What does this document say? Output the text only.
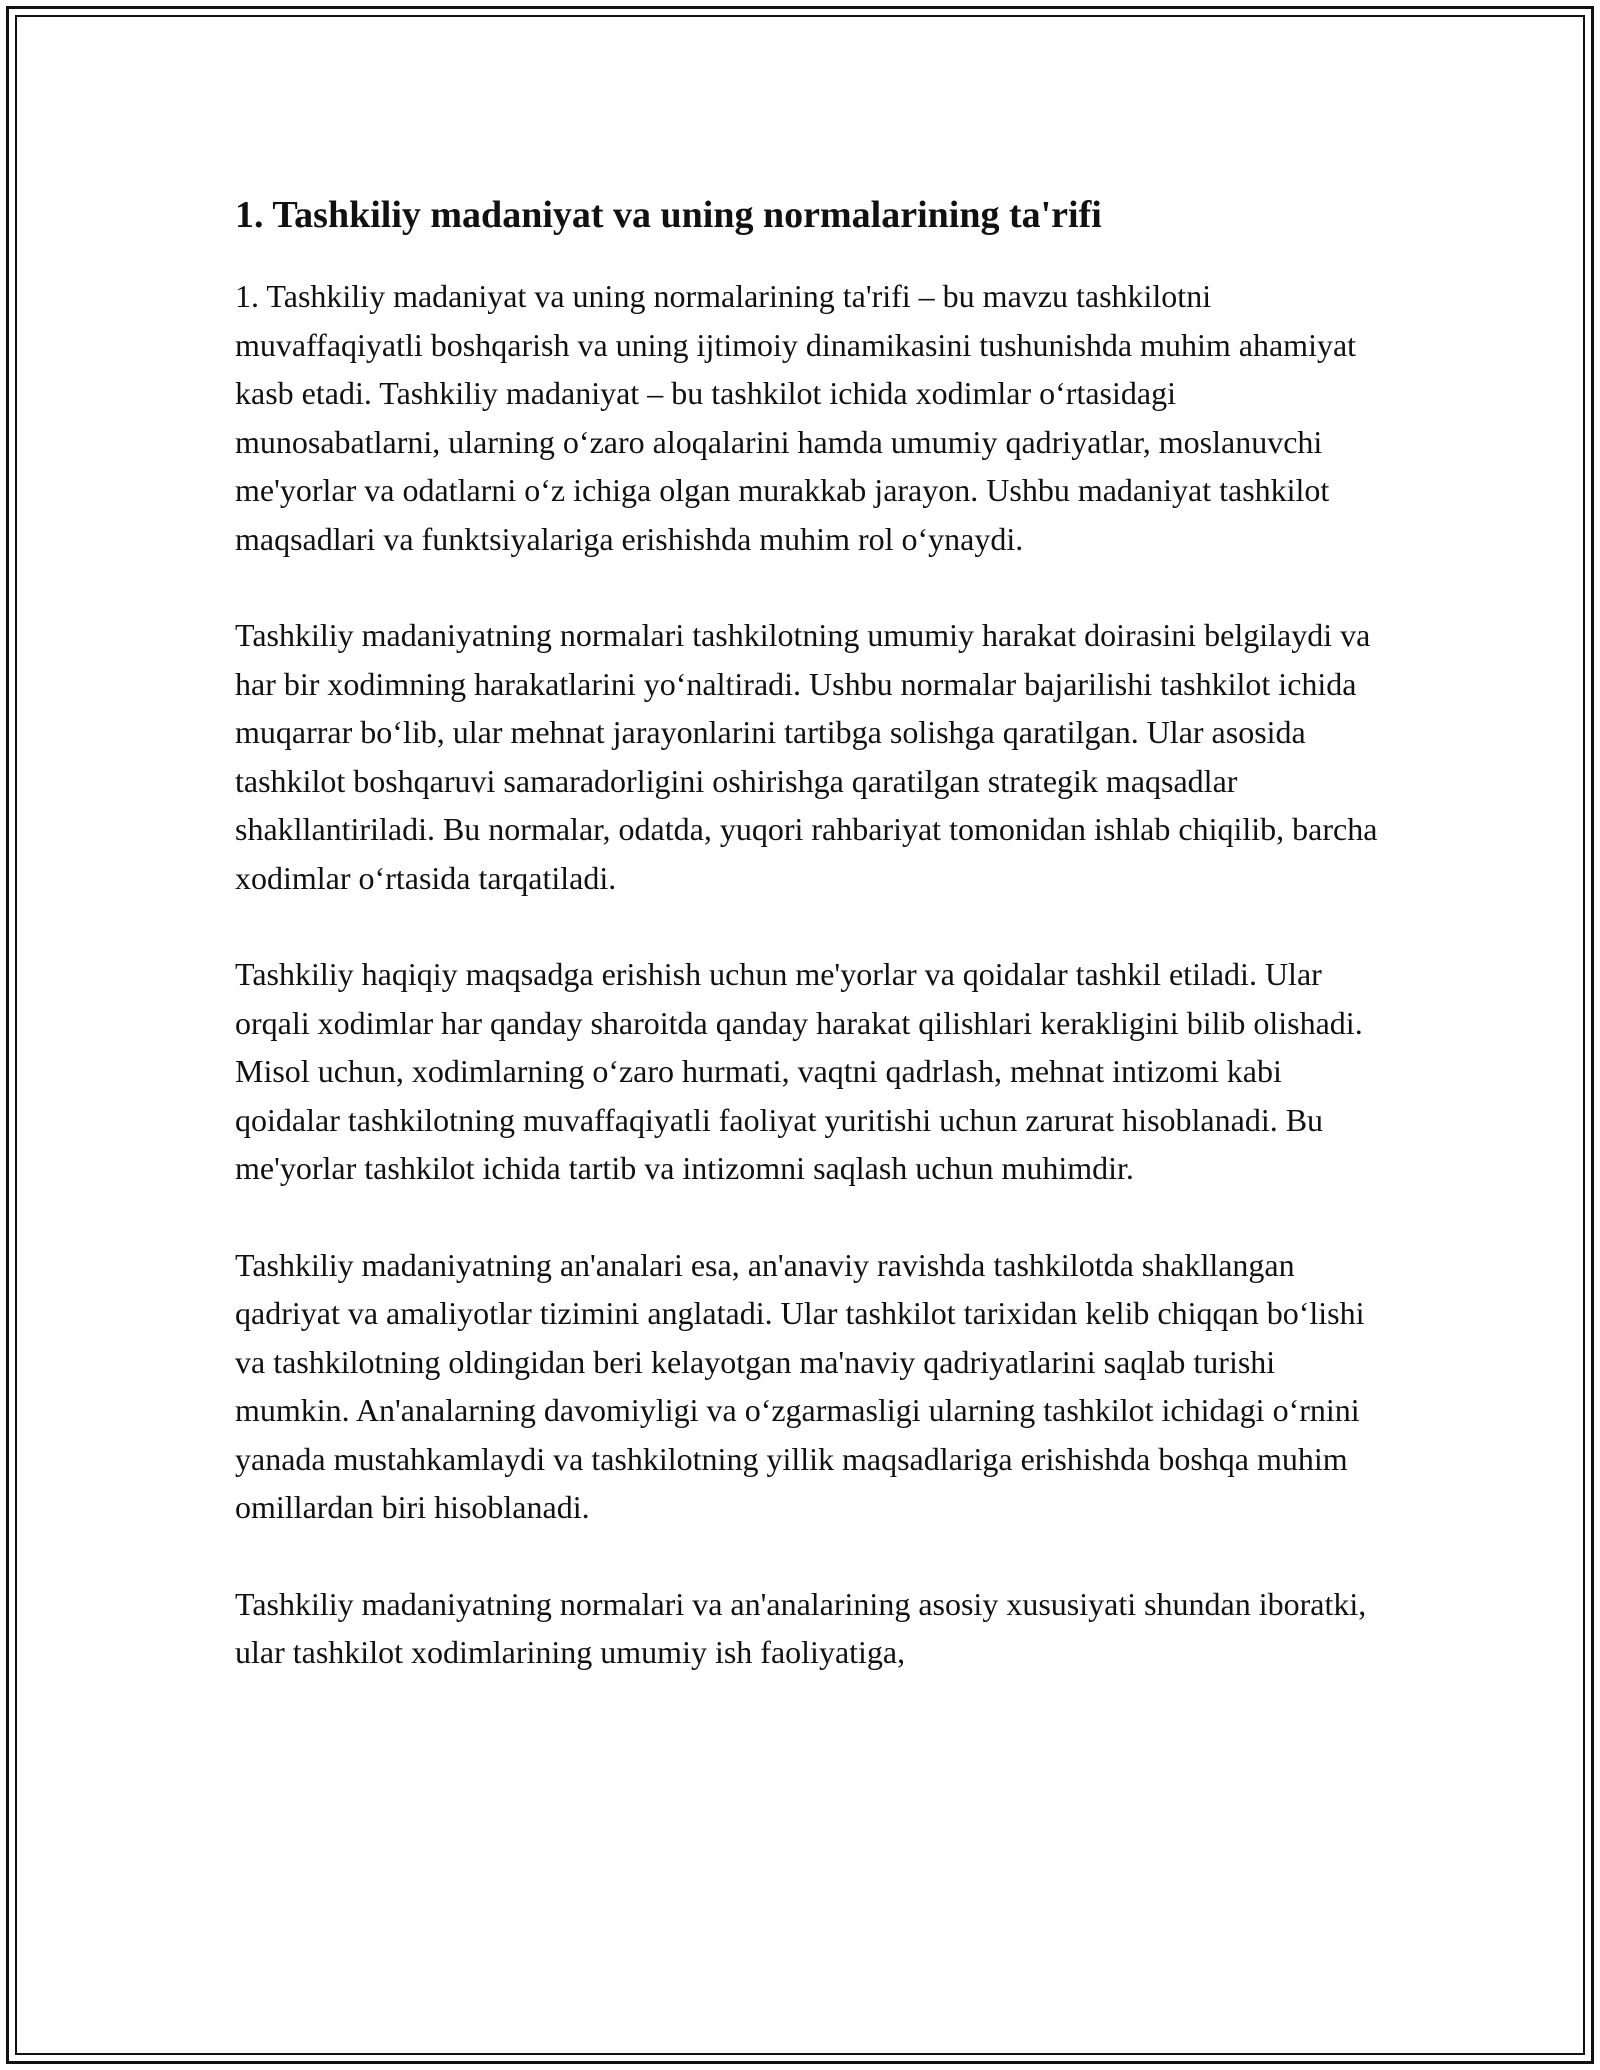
1. Tashkiliy madaniyat va uning normalarining ta'rifi

1. Tashkiliy madaniyat va uning normalarining ta'rifi – bu mavzu tashkilotni muvaffaqiyatli boshqarish va uning ijtimoiy dinamikasini tushunishda muhim ahamiyat kasb etadi. Tashkiliy madaniyat – bu tashkilot ichida xodimlar o‘rtasidagi munosabatlarni, ularning o‘zaro aloqalarini hamda umumiy qadriyatlar, moslanuvchi me'yorlar va odatlarni o‘z ichiga olgan murakkab jarayon. Ushbu madaniyat tashkilot maqsadlari va funktsiyalariga erishishda muhim rol o‘ynaydi.

Tashkiliy madaniyatning normalari tashkilotning umumiy harakat doirasini belgilaydi va har bir xodimning harakatlarini yo‘naltiradi. Ushbu normalar bajarilishi tashkilot ichida muqarrar bo‘lib, ular mehnat jarayonlarini tartibga solishga qaratilgan. Ular asosida tashkilot boshqaruvi samaradorligini oshirishga qaratilgan strategik maqsadlar shakllantiriladi. Bu normalar, odatda, yuqori rahbariyat tomonidan ishlab chiqilib, barcha xodimlar o‘rtasida tarqatiladi.

Tashkiliy haqiqiy maqsadga erishish uchun me'yorlar va qoidalar tashkil etiladi. Ular orqali xodimlar har qanday sharoitda qanday harakat qilishlari kerakligini bilib olishadi. Misol uchun, xodimlarning o‘zaro hurmati, vaqtni qadrlash, mehnat intizomi kabi qoidalar tashkilotning muvaffaqiyatli faoliyat yuritishi uchun zarurat hisoblanadi. Bu me'yorlar tashkilot ichida tartib va intizomni saqlash uchun muhimdir.

Tashkiliy madaniyatning an'analari esa, an'anaviy ravishda tashkilotda shakllangan qadriyat va amaliyotlar tizimini anglatadi. Ular tashkilot tarixidan kelib chiqqan bo‘lishi va tashkilotning oldingidan beri kelayotgan ma'naviy qadriyatlarini saqlab turishi mumkin. An'analarning davomiyligi va o‘zgarmasligi ularning tashkilot ichidagi o‘rnini yanada mustahkamlaydi va tashkilotning yillik maqsadlariga erishishda boshqa muhim omillardan biri hisoblanadi.

Tashkiliy madaniyatning normalari va an'analarining asosiy xususiyati shundan iboratki, ular tashkilot xodimlarining umumiy ish faoliyatiga,
